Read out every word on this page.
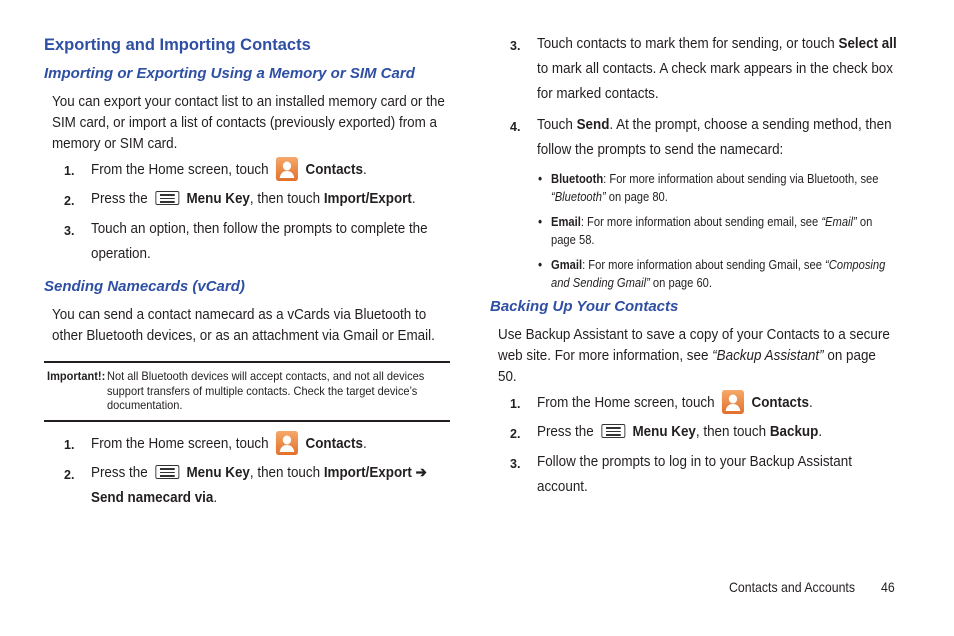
Exporting and Importing Contacts
Importing or Exporting Using a Memory or SIM Card
You can export your contact list to an installed memory card or the SIM card, or import a list of contacts (previously exported) from a memory or SIM card.
1. From the Home screen, touch	Contacts.
2. Press the	Menu Key, then touch Import/Export.
3. Touch an option, then follow the prompts to complete the operation.
Sending Namecards (vCard)
You can send a contact namecard as a vCards via Bluetooth to other Bluetooth devices, or as an attachment via Gmail or Email.
Important!: Not all Bluetooth devices will accept contacts, and not all devices support transfers of multiple contacts. Check the target device’s documentation.
1. From the Home screen, touch	Contacts.
2. Press the	Menu Key, then touch Import/Export ➔ Send namecard via.
3. Touch contacts to mark them for sending, or touch Select all to mark all contacts. A check mark appears in the check box for marked contacts.
4. Touch Send. At the prompt, choose a sending method, then follow the prompts to send the namecard:
• Bluetooth: For more information about sending via Bluetooth, see “Bluetooth” on page 80.
• Email: For more information about sending email, see “Email” on page 58.
• Gmail: For more information about sending Gmail, see “Composing and Sending Gmail” on page 60.
Backing Up Your Contacts
Use Backup Assistant to save a copy of your Contacts to a secure web site. For more information, see “Backup Assistant” on page 50.
1. From the Home screen, touch	Contacts.
2. Press the	Menu Key, then touch Backup.
3. Follow the prompts to log in to your Backup Assistant account.
Contacts and Accounts 46
